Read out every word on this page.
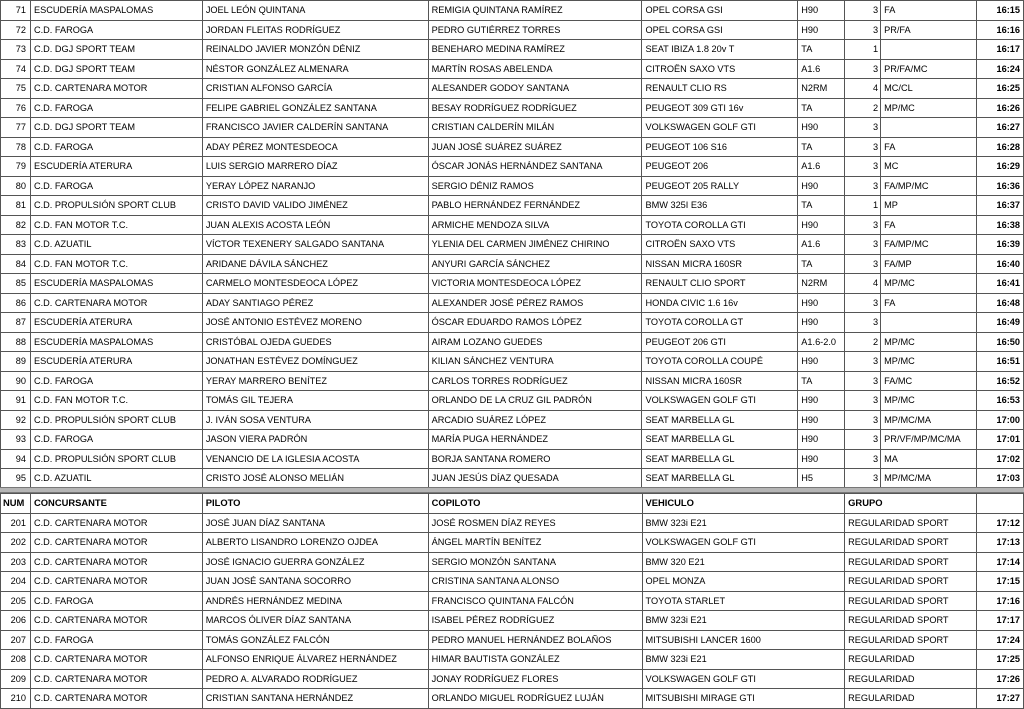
71	ESCUDERÍA MASPALOMAS	JOEL LEÓN QUINTANA	REMIGIA QUINTANA RAMÍREZ	OPEL CORSA GSI	H90	3	FA	16:15
72	C.D. FAROGA	JORDAN FLEITAS RODRÍGUEZ	PEDRO GUTIÉRREZ TORRES	OPEL CORSA GSI	H90	3	PR/FA	16:16
73	C.D. DGJ SPORT TEAM	REINALDO JAVIER MONZÓN DÉNIZ	BENEHARO MEDINA RAMÍREZ	SEAT IBIZA 1.8 20v T	TA	1		16:17
74	C.D. DGJ SPORT TEAM	NÉSTOR GONZÁLEZ ALMENARA	MARTÍN ROSAS ABELENDA	CITROËN SAXO VTS	A1.6	3	PR/FA/MC	16:24
75	C.D. CARTENARA MOTOR	CRISTIAN ALFONSO GARCÍA	ALESANDER GODOY SANTANA	RENAULT CLIO RS	N2RM	4	MC/CL	16:25
76	C.D. FAROGA	FELIPE GABRIEL GONZÁLEZ SANTANA	BESAY RODRÍGUEZ RODRÍGUEZ	PEUGEOT 309 GTI 16v	TA	2	MP/MC	16:26
77	C.D. DGJ SPORT TEAM	FRANCISCO JAVIER CALDERÍN SANTANA	CRISTIAN CALDERÍN MILÁN	VOLKSWAGEN GOLF GTI	H90	3		16:27
78	C.D. FAROGA	ADAY PÉREZ MONTESDEOCA	JUAN JOSÉ SUÁREZ SUÁREZ	PEUGEOT 106 S16	TA	3	FA	16:28
79	ESCUDERÍA ATERURA	LUIS SERGIO MARRERO DÍAZ	ÓSCAR JONÁS HERNÁNDEZ SANTANA	PEUGEOT 206	A1.6	3	MC	16:29
80	C.D. FAROGA	YERAY LÓPEZ NARANJO	SERGIO DÉNIZ RAMOS	PEUGEOT 205 RALLY	H90	3	FA/MP/MC	16:36
81	C.D. PROPULSIÓN SPORT CLUB	CRISTO DAVID VALIDO JIMÉNEZ	PABLO HERNÁNDEZ FERNÁNDEZ	BMW 325I E36	TA	1	MP	16:37
82	C.D. FAN MOTOR T.C.	JUAN ALEXIS ACOSTA LEÓN	ARMICHE MENDOZA SILVA	TOYOTA COROLLA GTI	H90	3	FA	16:38
83	C.D. AZUATIL	VÍCTOR TEXENERY SALGADO SANTANA	YLENIA DEL CARMEN JIMÉNEZ CHIRINO	CITROËN SAXO VTS	A1.6	3	FA/MP/MC	16:39
84	C.D. FAN MOTOR T.C.	ARIDANE DÁVILA SÁNCHEZ	ANYURI GARCÍA SÁNCHEZ	NISSAN MICRA 160SR	TA	3	FA/MP	16:40
85	ESCUDERÍA MASPALOMAS	CARMELO MONTESDEOCA LÓPEZ	VICTORIA MONTESDEOCA LÓPEZ	RENAULT CLIO SPORT	N2RM	4	MP/MC	16:41
86	C.D. CARTENARA MOTOR	ADAY SANTIAGO PÉREZ	ALEXANDER JOSÉ PÉREZ RAMOS	HONDA CIVIC 1.6 16v	H90	3	FA	16:48
87	ESCUDERÍA ATERURA	JOSÉ ANTONIO ESTÉVEZ MORENO	ÓSCAR EDUARDO RAMOS LÓPEZ	TOYOTA COROLLA GT	H90	3		16:49
88	ESCUDERÍA MASPALOMAS	CRISTÓBAL OJEDA GUEDES	AIRAM LOZANO GUEDES	PEUGEOT 206 GTI	A1.6-2.0	2	MP/MC	16:50
89	ESCUDERÍA ATERURA	JONATHAN ESTÉVEZ DOMÍNGUEZ	KILIAN SÁNCHEZ VENTURA	TOYOTA COROLLA COUPÉ	H90	3	MP/MC	16:51
90	C.D. FAROGA	YERAY MARRERO BENÍTEZ	CARLOS TORRES RODRÍGUEZ	NISSAN MICRA 160SR	TA	3	FA/MC	16:52
91	C.D. FAN MOTOR T.C.	TOMÁS GIL TEJERA	ORLANDO DE LA CRUZ GIL PADRÓN	VOLKSWAGEN GOLF GTI	H90	3	MP/MC	16:53
92	C.D. PROPULSIÓN SPORT CLUB	J. IVÁN SOSA VENTURA	ARCADIO SUÁREZ LÓPEZ	SEAT MARBELLA GL	H90	3	MP/MC/MA	17:00
93	C.D. FAROGA	JASON VIERA PADRÓN	MARÍA PUGA HERNÁNDEZ	SEAT MARBELLA GL	H90	3	PR/VF/MP/MC/MA	17:01
94	C.D. PROPULSIÓN SPORT CLUB	VENANCIO DE LA IGLESIA ACOSTA	BORJA SANTANA ROMERO	SEAT MARBELLA GL	H90	3	MA	17:02
95	C.D. AZUATIL	CRISTO JOSÉ ALONSO MELIÁN	JUAN JESÚS DÍAZ QUESADA	SEAT MARBELLA GL	H5	3	MP/MC/MA	17:03
NUM	CONCURSANTE	PILOTO	COPILOTO	VEHICULO	GRUPO	
201	C.D. CARTENARA MOTOR	JOSÉ JUAN DÍAZ SANTANA	JOSÉ ROSMEN DÍAZ REYES	BMW 323i E21	REGULARIDAD SPORT	17:12
202	C.D. CARTENARA MOTOR	ALBERTO LISANDRO LORENZO OJDEA	ÁNGEL MARTÍN BENÍTEZ	VOLKSWAGEN GOLF GTI	REGULARIDAD SPORT	17:13
203	C.D. CARTENARA MOTOR	JOSÉ IGNACIO GUERRA GONZÁLEZ	SERGIO MONZÓN SANTANA	BMW 320 E21	REGULARIDAD SPORT	17:14
204	C.D. CARTENARA MOTOR	JUAN JOSÉ SANTANA SOCORRO	CRISTINA SANTANA ALONSO	OPEL MONZA	REGULARIDAD SPORT	17:15
205	C.D. FAROGA	ANDRÉS HERNÁNDEZ MEDINA	FRANCISCO QUINTANA FALCÓN	TOYOTA STARLET	REGULARIDAD SPORT	17:16
206	C.D. CARTENARA MOTOR	MARCOS ÓLIVER DÍAZ SANTANA	ISABEL PÉREZ RODRÍGUEZ	BMW 323i E21	REGULARIDAD SPORT	17:17
207	C.D. FAROGA	TOMÁS GONZÁLEZ FALCÓN	PEDRO MANUEL HERNÁNDEZ BOLAÑOS	MITSUBISHI LANCER 1600	REGULARIDAD SPORT	17:24
208	C.D. CARTENARA MOTOR	ALFONSO ENRIQUE ÁLVAREZ HERNÁNDEZ	HIMAR BAUTISTA GONZÁLEZ	BMW 323i E21	REGULARIDAD	17:25
209	C.D. CARTENARA MOTOR	PEDRO A. ALVARADO RODRÍGUEZ	JONAY RODRÍGUEZ FLORES	VOLKSWAGEN GOLF GTI	REGULARIDAD	17:26
210	C.D. CARTENARA MOTOR	CRISTIAN SANTANA HERNÁNDEZ	ORLANDO MIGUEL RODRÍGUEZ LUJÁN	MITSUBISHI MIRAGE GTI	REGULARIDAD	17:27
